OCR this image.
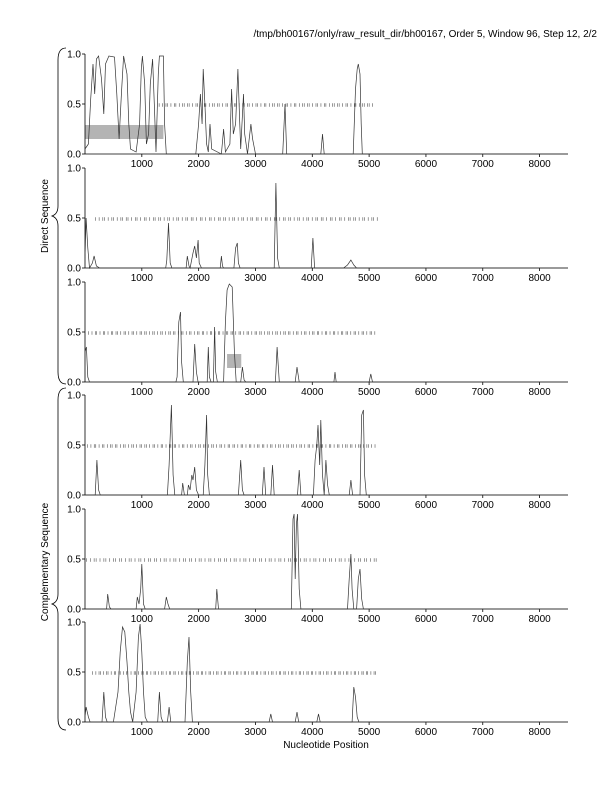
/tmp/bh00167/only/raw_result_dir/bh00167, Order 5, Window 96, Step 12, 2/2
0.0
0.5
1.0
1000	2000	3000	4000	5000	6000	7000	8000
0.0
0.5
1.0
1000	2000	3000	4000	5000	6000	7000	8000
0.0
0.5
1.0
1000	2000	3000	4000	5000	6000	7000	8000
0.0
0.5
1.0
1000	2000	3000	4000	5000	6000	7000	8000
0.0
0.5
1.0
1000	2000	3000	4000	5000	6000	7000	8000
0.0
0.5
1.0
1000	2000	3000	4000	5000	6000	7000	8000
Direct Sequence
Complementary Sequence
Nucleotide Position
